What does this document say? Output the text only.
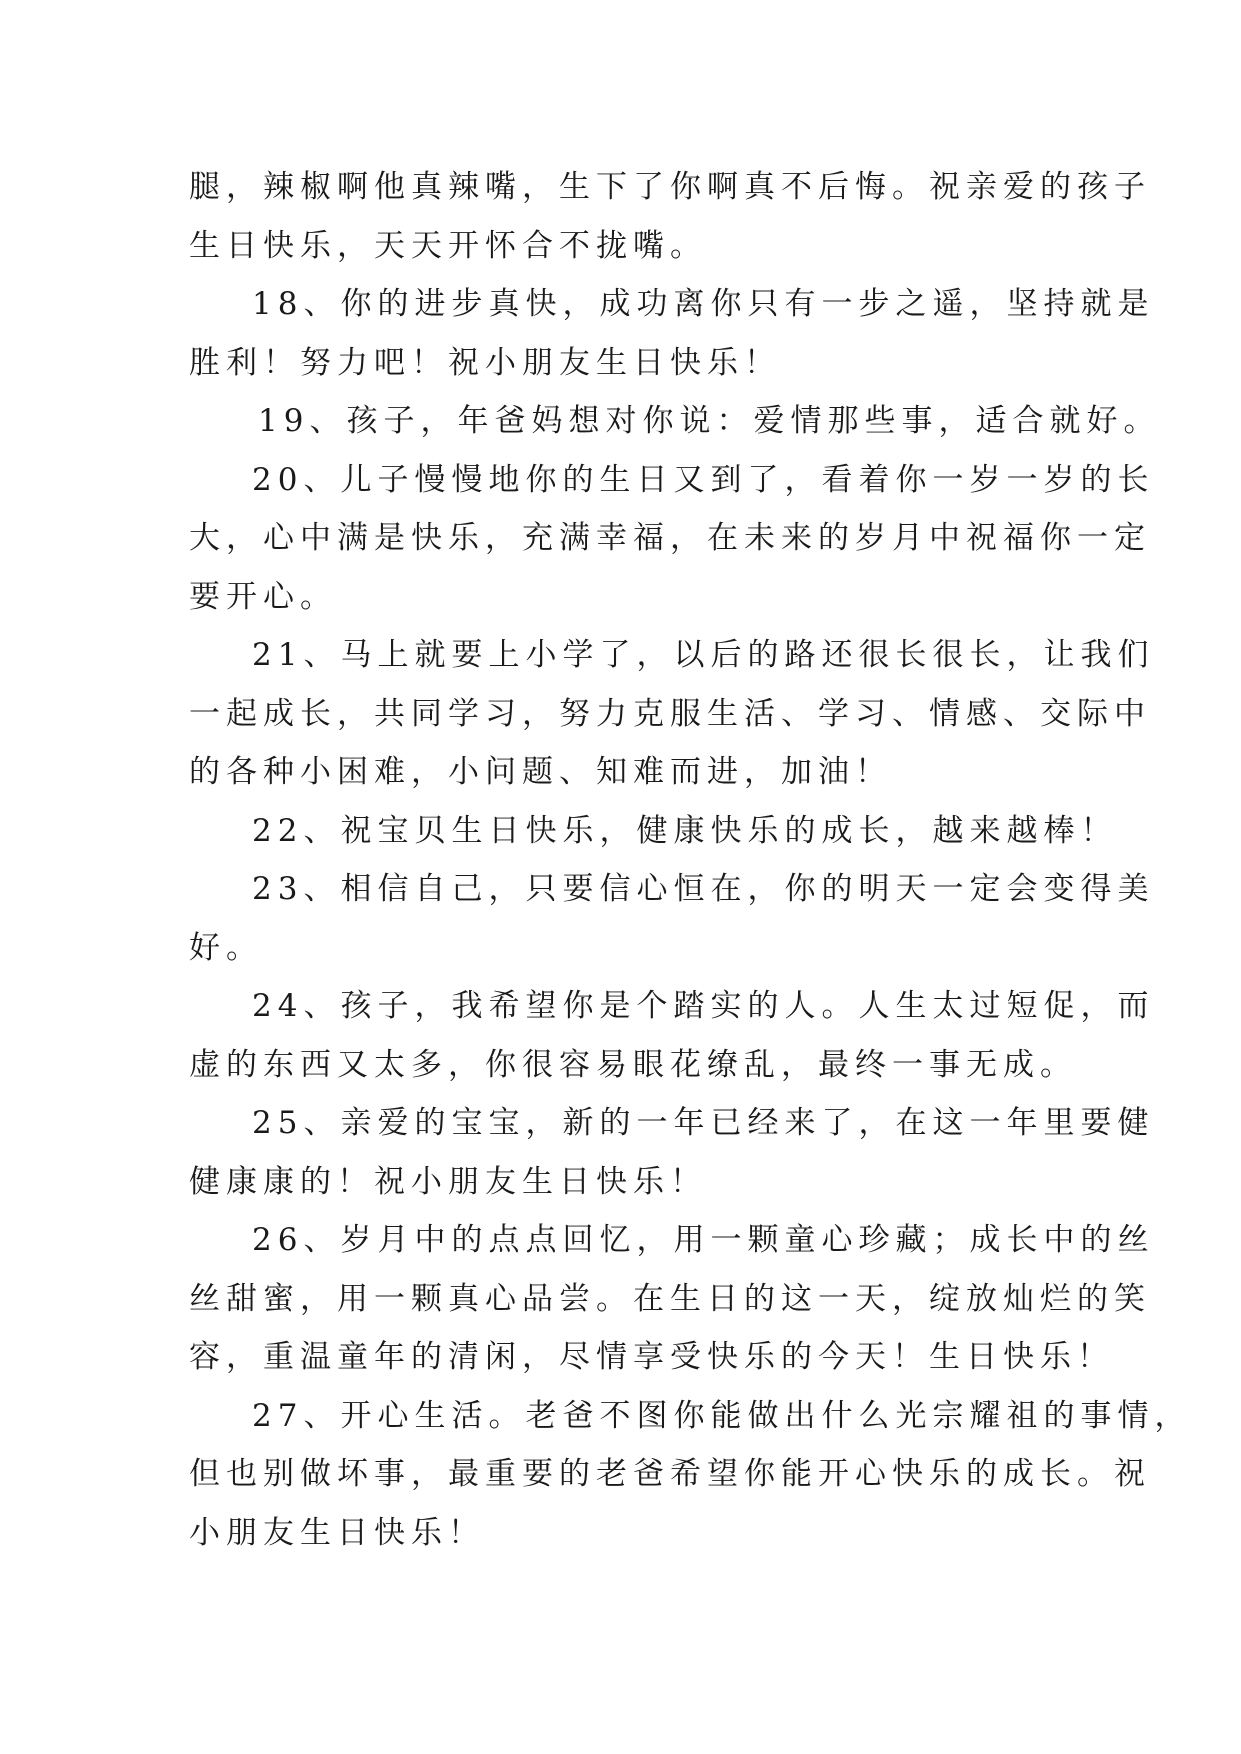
腿，辣椒啊他真辣嘴，生下了你啊真不后悔。祝亲爱的孩子
生日快乐，天天开怀合不拢嘴。
18、你的进步真快，成功离你只有一步之遥，坚持就是
胜利！努力吧！祝小朋友生日快乐！
19、孩子，年爸妈想对你说：爱情那些事，适合就好。
20、儿子慢慢地你的生日又到了，看着你一岁一岁的长
大，心中满是快乐，充满幸福，在未来的岁月中祝福你一定
要开心。
21、马上就要上小学了，以后的路还很长很长，让我们
一起成长，共同学习，努力克服生活、学习、情感、交际中
的各种小困难，小问题、知难而进，加油！
22、祝宝贝生日快乐，健康快乐的成长，越来越棒！
23、相信自己，只要信心恒在，你的明天一定会变得美
好。
24、孩子，我希望你是个踏实的人。人生太过短促，而
虚的东西又太多，你很容易眼花缭乱，最终一事无成。
25、亲爱的宝宝，新的一年已经来了，在这一年里要健
健康康的！祝小朋友生日快乐！
26、岁月中的点点回忆，用一颗童心珍藏；成长中的丝
丝甜蜜，用一颗真心品尝。在生日的这一天，绽放灿烂的笑
容，重温童年的清闲，尽情享受快乐的今天！生日快乐！
27、开心生活。老爸不图你能做出什么光宗耀祖的事情，
但也别做坏事，最重要的老爸希望你能开心快乐的成长。祝
小朋友生日快乐！
